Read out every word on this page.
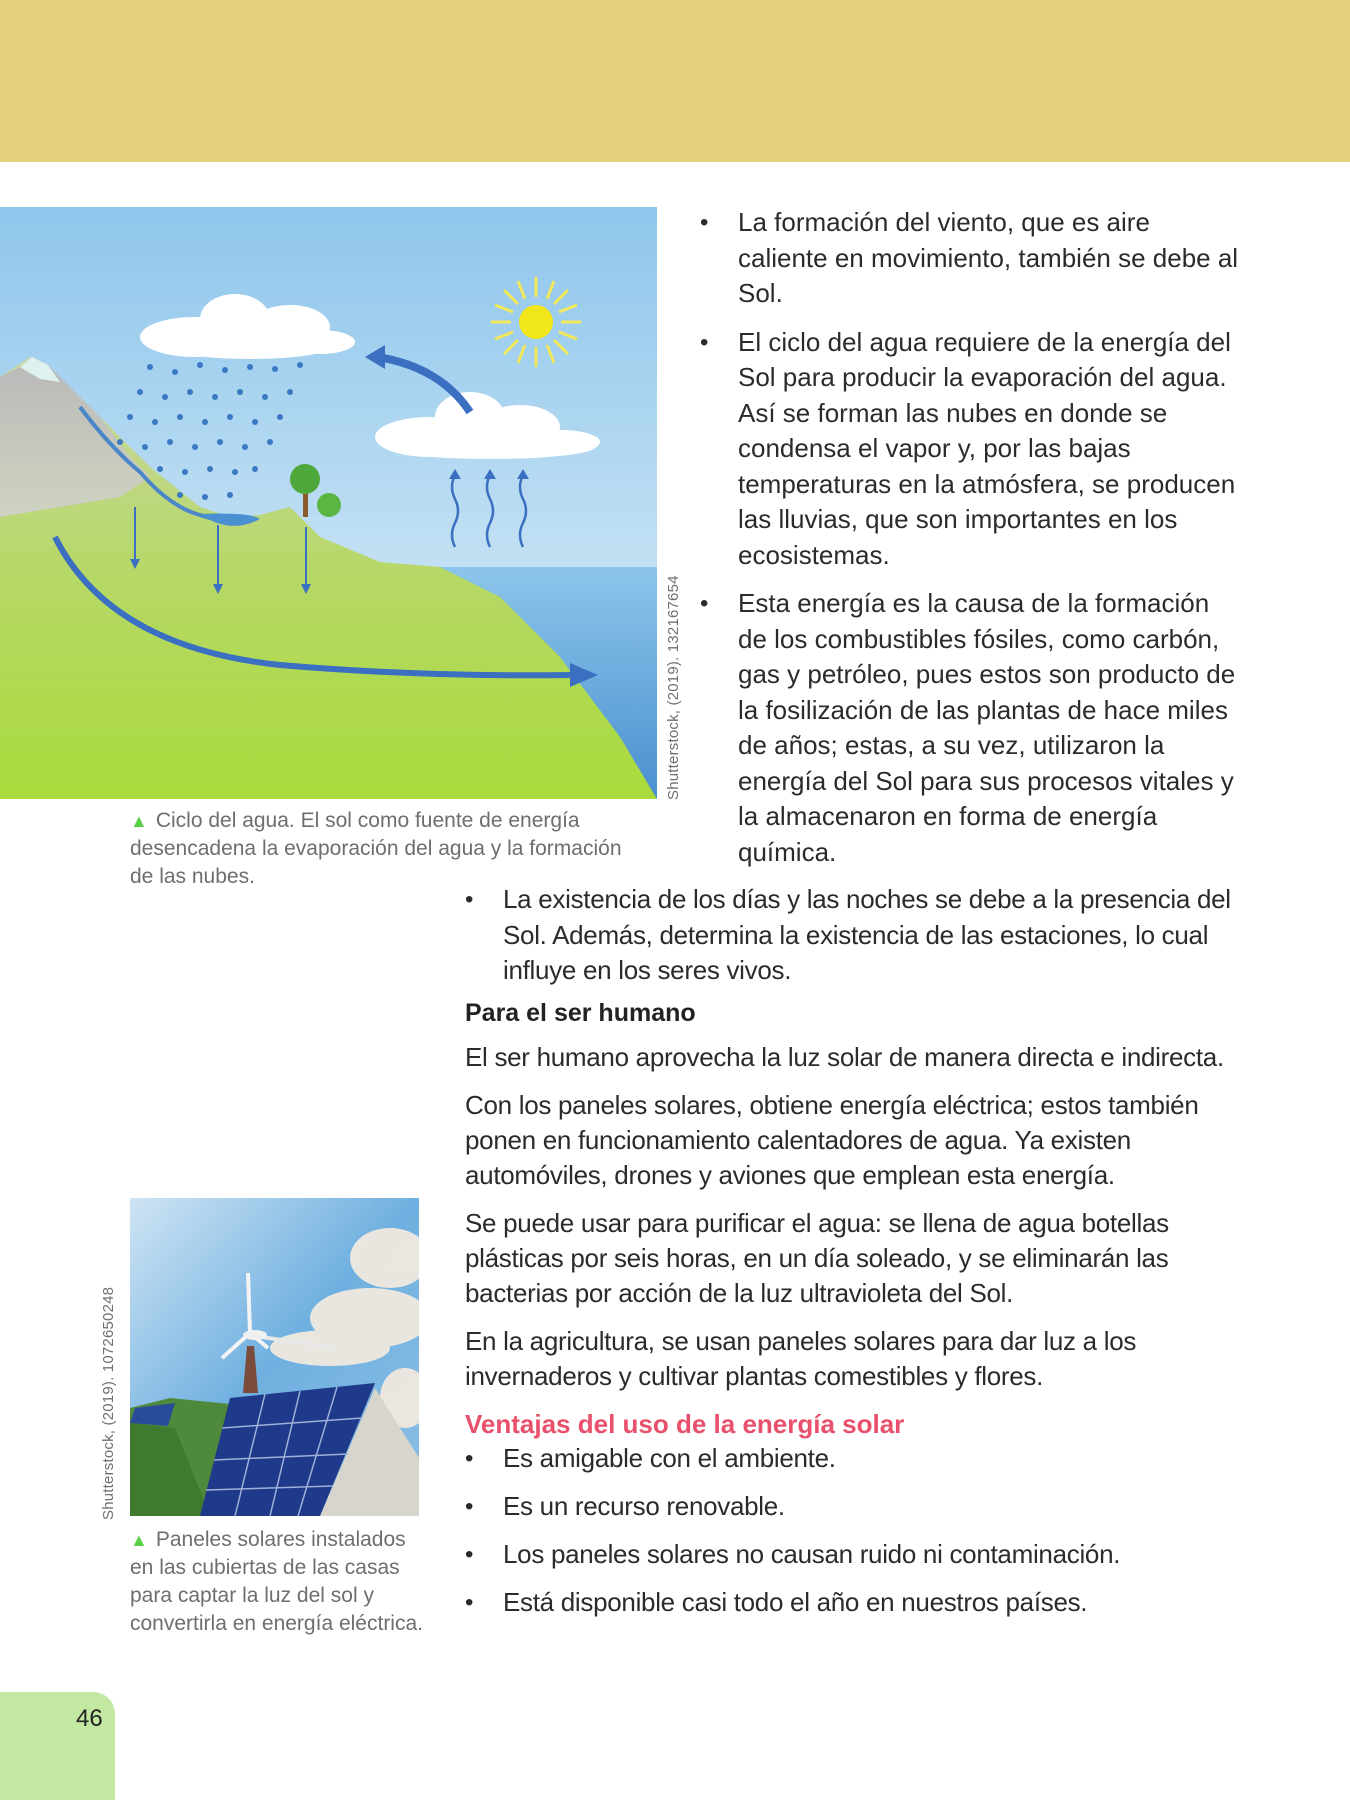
Shutterstock, (2019). 132167654
▲ Ciclo del agua. El sol como fuente de energía desencadena la evaporación del agua y la formación de las nubes.
• La formación del viento, que es aire caliente en movimiento, también se debe al Sol.
• El ciclo del agua requiere de la energía del Sol para producir la evaporación del agua. Así se forman las nubes en donde se condensa el vapor y, por las bajas temperaturas en la atmósfera, se producen las lluvias, que son importantes en los ecosistemas.
• Esta energía es la causa de la formación de los combustibles fósiles, como carbón, gas y petróleo, pues estos son producto de la fosilización de las plantas de hace miles de años; estas, a su vez, utilizaron la energía del Sol para sus procesos vitales y la almacenaron en forma de energía química.
• La existencia de los días y las noches se debe a la presencia del Sol. Además, determina la existencia de las estaciones, lo cual influye en los seres vivos.
Para el ser humano

El ser humano aprovecha la luz solar de manera directa e indirecta.

Con los paneles solares, obtiene energía eléctrica; estos también ponen en funcionamiento calentadores de agua. Ya existen automóviles, drones y aviones que emplean esta energía.

Se puede usar para purificar el agua: se llena de agua botellas plásticas por seis horas, en un día soleado, y se eliminarán las bacterias por acción de la luz ultravioleta del Sol.

En la agricultura, se usan paneles solares para dar luz a los invernaderos y cultivar plantas comestibles y flores.

Ventajas del uso de la energía solar
• Es amigable con el ambiente.
• Es un recurso renovable.
• Los paneles solares no causan ruido ni contaminación.
• Está disponible casi todo el año en nuestros países.
Shutterstock, (2019). 1072650248
▲ Paneles solares instalados en las cubiertas de las casas para captar la luz del sol y convertirla en energía eléctrica.
46
